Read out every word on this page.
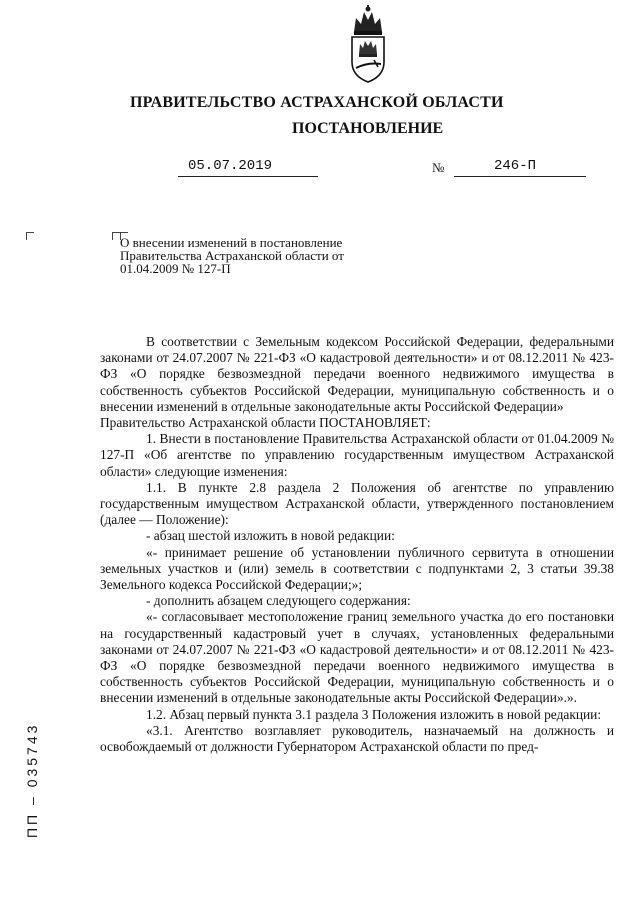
ПРАВИТЕЛЬСТВО АСТРАХАНСКОЙ ОБЛАСТИ
ПОСТАНОВЛЕНИЕ
05.07.2019	№	246-П
О внесении изменений в постановление Правительства Астраханской области от 01.04.2009 № 127-П

В соответствии с Земельным кодексом Российской Федерации, федеральными законами от 24.07.2007 № 221-ФЗ «О кадастровой деятельности» и от 08.12.2011 № 423-ФЗ «О порядке безвозмездной передачи военного недвижимого имущества в собственность субъектов Российской Федерации, муниципальную собственность и о внесении изменений в отдельные законодательные акты Российской Федерации»

Правительство Астраханской области ПОСТАНОВЛЯЕТ:

1. Внести в постановление Правительства Астраханской области от 01.04.2009 № 127-П «Об агентстве по управлению государственным имуществом Астраханской области» следующие изменения:

1.1. В пункте 2.8 раздела 2 Положения об агентстве по управлению государственным имуществом Астраханской области, утвержденного постановлением (далее — Положение):

- абзац шестой изложить в новой редакции:

«- принимает решение об установлении публичного сервитута в отношении земельных участков и (или) земель в соответствии с подпунктами 2, 3 статьи 39.38 Земельного кодекса Российской Федерации;»;

- дополнить абзацем следующего содержания:

«- согласовывает местоположение границ земельного участка до его постановки на государственный кадастровый учет в случаях, установленных федеральными законами от 24.07.2007 № 221-ФЗ «О кадастровой деятельности» и от 08.12.2011 № 423-ФЗ «О порядке безвозмездной передачи военного недвижимого имущества в собственность субъектов Российской Федерации, муниципальную собственность и о внесении изменений в отдельные законодательные акты Российской Федерации».».

1.2. Абзац первый пункта 3.1 раздела 3 Положения изложить в новой редакции:

«3.1. Агентство возглавляет руководитель, назначаемый на должность и освобождаемый от должности Губернатором Астраханской области по пред-

ПП – 035743
